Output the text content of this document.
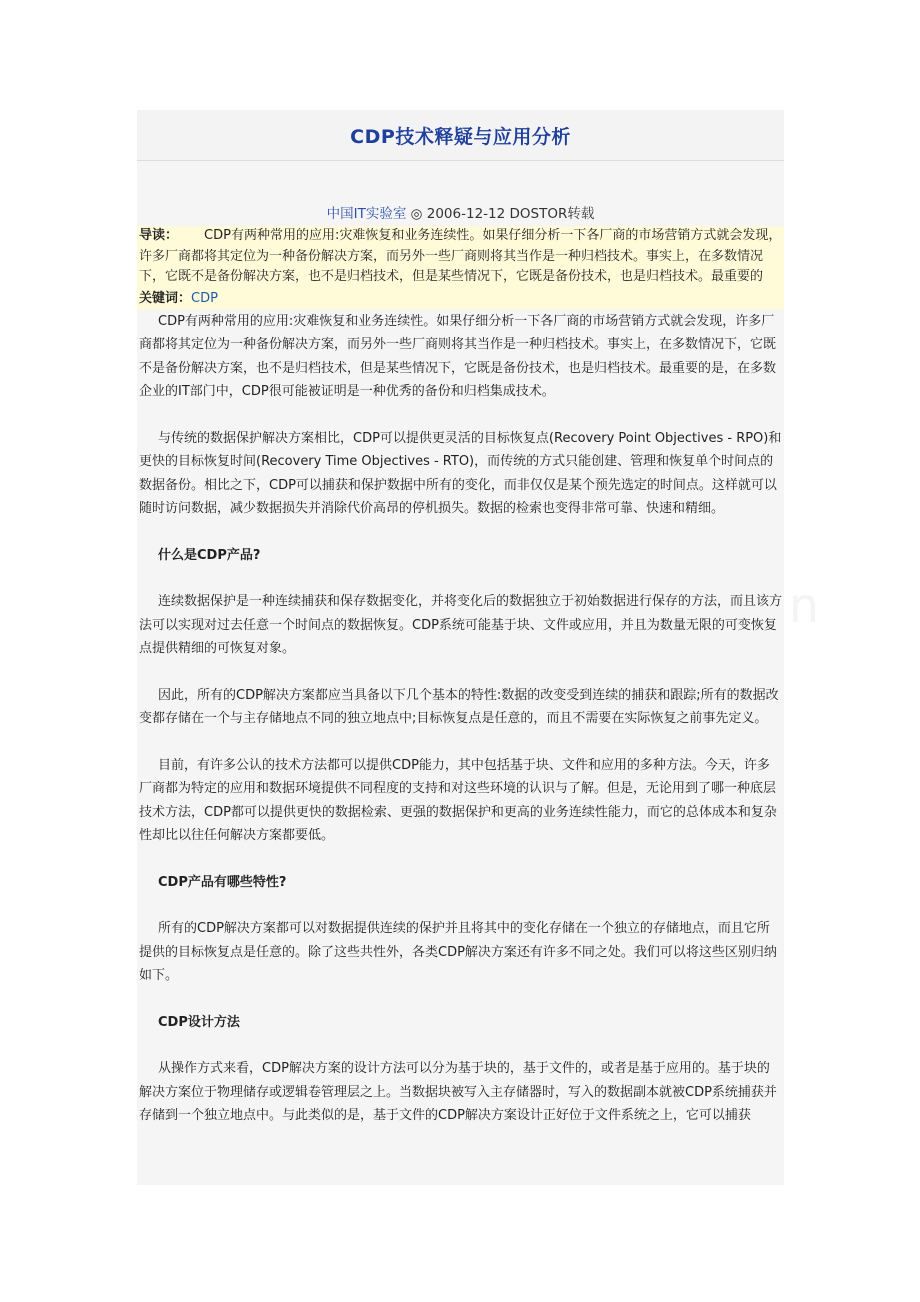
CDP技术释疑与应用分析
中国IT实验室 ◎ 2006-12-12 DOSTOR转载
导读： CDP有两种常用的应用:灾难恢复和业务连续性。如果仔细分析一下各厂商的市场营销方式就会发现，许多厂商都将其定位为一种备份解决方案，而另外一些厂商则将其当作是一种归档技术。事实上，在多数情况下，它既不是备份解决方案，也不是归档技术，但是某些情况下，它既是备份技术，也是归档技术。最重要的
关键词：CDP

CDP有两种常用的应用:灾难恢复和业务连续性。如果仔细分析一下各厂商的市场营销方式就会发现，许多厂商都将其定位为一种备份解决方案，而另外一些厂商则将其当作是一种归档技术。事实上，在多数情况下，它既不是备份解决方案，也不是归档技术，但是某些情况下，它既是备份技术，也是归档技术。最重要的是，在多数企业的IT部门中，CDP很可能被证明是一种优秀的备份和归档集成技术。

与传统的数据保护解决方案相比，CDP可以提供更灵活的目标恢复点(Recovery Point Objectives - RPO)和更快的目标恢复时间(Recovery Time Objectives - RTO)，而传统的方式只能创建、管理和恢复单个时间点的数据备份。相比之下，CDP可以捕获和保护数据中所有的变化，而非仅仅是某个预先选定的时间点。这样就可以随时访问数据，减少数据损失并消除代价高昂的停机损失。数据的检索也变得非常可靠、快速和精细。

什么是CDP产品?

连续数据保护是一种连续捕获和保存数据变化，并将变化后的数据独立于初始数据进行保存的方法，而且该方法可以实现对过去任意一个时间点的数据恢复。CDP系统可能基于块、文件或应用，并且为数量无限的可变恢复点提供精细的可恢复对象。

因此，所有的CDP解决方案都应当具备以下几个基本的特性:数据的改变受到连续的捕获和跟踪;所有的数据改变都存储在一个与主存储地点不同的独立地点中;目标恢复点是任意的，而且不需要在实际恢复之前事先定义。

目前，有许多公认的技术方法都可以提供CDP能力，其中包括基于块、文件和应用的多种方法。今天，许多厂商都为特定的应用和数据环境提供不同程度的支持和对这些环境的认识与了解。但是，无论用到了哪一种底层技术方法，CDP都可以提供更快的数据检索、更强的数据保护和更高的业务连续性能力，而它的总体成本和复杂性却比以往任何解决方案都要低。

CDP产品有哪些特性?

所有的CDP解决方案都可以对数据提供连续的保护并且将其中的变化存储在一个独立的存储地点，而且它所提供的目标恢复点是任意的。除了这些共性外，各类CDP解决方案还有许多不同之处。我们可以将这些区别归纳如下。

CDP设计方法

从操作方式来看，CDP解决方案的设计方法可以分为基于块的，基于文件的，或者是基于应用的。基于块的解决方案位于物理储存或逻辑卷管理层之上。当数据块被写入主存储器时，写入的数据副本就被CDP系统捕获并存储到一个独立地点中。与此类似的是，基于文件的CDP解决方案设计正好位于文件系统之上，它可以捕获
